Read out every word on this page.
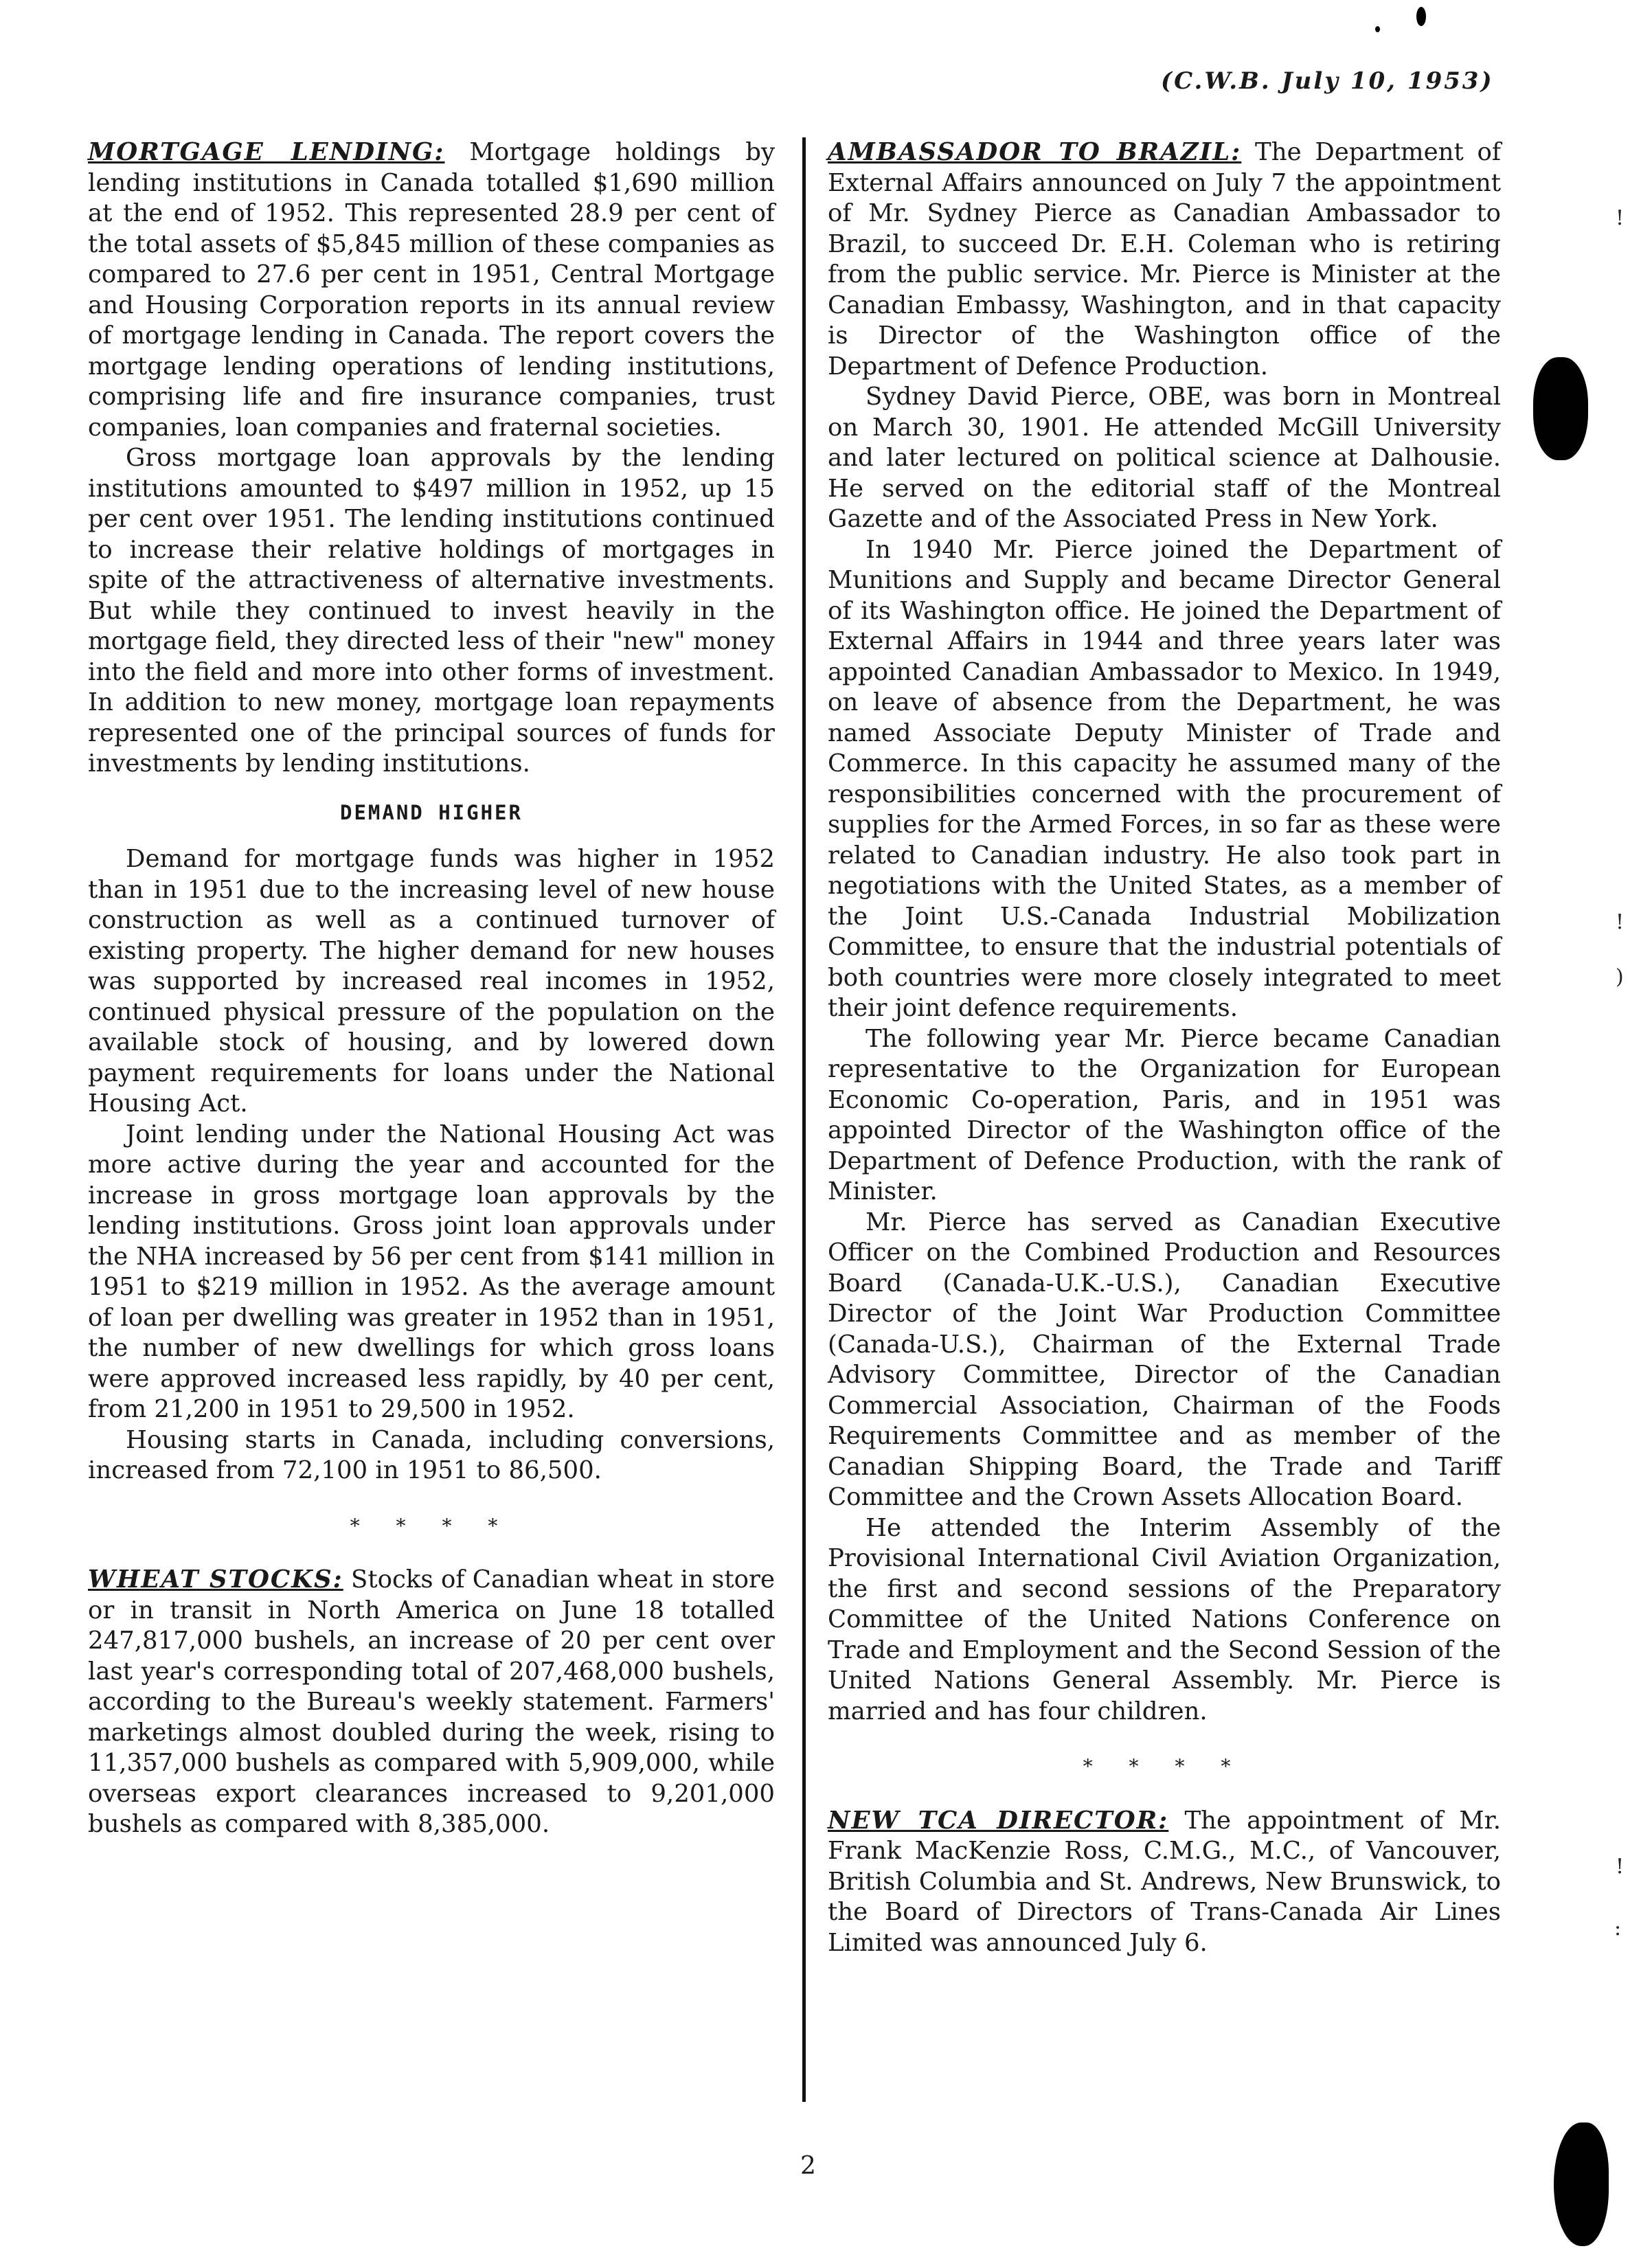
(C.W.B. July 10, 1953)

MORTGAGE LENDING: Mortgage holdings by lending institutions in Canada totalled $1,690 million at the end of 1952. This represented 28.9 per cent of the total assets of $5,845 million of these companies as compared to 27.6 per cent in 1951, Central Mortgage and Housing Corporation reports in its annual review of mortgage lending in Canada. The report covers the mortgage lending operations of lending institutions, comprising life and fire insurance companies, trust companies, loan companies and fraternal societies.

Gross mortgage loan approvals by the lending institutions amounted to $497 million in 1952, up 15 per cent over 1951. The lending institutions continued to increase their relative holdings of mortgages in spite of the attractiveness of alternative investments. But while they continued to invest heavily in the mortgage field, they directed less of their "new" money into the field and more into other forms of investment. In addition to new money, mortgage loan repayments represented one of the principal sources of funds for investments by lending institutions.

DEMAND HIGHER

Demand for mortgage funds was higher in 1952 than in 1951 due to the increasing level of new house construction as well as a continued turnover of existing property. The higher demand for new houses was supported by increased real incomes in 1952, continued physical pressure of the population on the available stock of housing, and by lowered down payment requirements for loans under the National Housing Act.

Joint lending under the National Housing Act was more active during the year and accounted for the increase in gross mortgage loan approvals by the lending institutions. Gross joint loan approvals under the NHA increased by 56 per cent from $141 million in 1951 to $219 million in 1952. As the average amount of loan per dwelling was greater in 1952 than in 1951, the number of new dwellings for which gross loans were approved increased less rapidly, by 40 per cent, from 21,200 in 1951 to 29,500 in 1952.

Housing starts in Canada, including conversions, increased from 72,100 in 1951 to 86,500.

* * * *

WHEAT STOCKS: Stocks of Canadian wheat in store or in transit in North America on June 18 totalled 247,817,000 bushels, an increase of 20 per cent over last year's corresponding total of 207,468,000 bushels, according to the Bureau's weekly statement. Farmers' marketings almost doubled during the week, rising to 11,357,000 bushels as compared with 5,909,000, while overseas export clearances increased to 9,201,000 bushels as compared with 8,385,000.

AMBASSADOR TO BRAZIL: The Department of External Affairs announced on July 7 the appointment of Mr. Sydney Pierce as Canadian Ambassador to Brazil, to succeed Dr. E.H. Coleman who is retiring from the public service. Mr. Pierce is Minister at the Canadian Embassy, Washington, and in that capacity is Director of the Washington office of the Department of Defence Production.

Sydney David Pierce, OBE, was born in Montreal on March 30, 1901. He attended McGill University and later lectured on political science at Dalhousie. He served on the editorial staff of the Montreal Gazette and of the Associated Press in New York.

In 1940 Mr. Pierce joined the Department of Munitions and Supply and became Director General of its Washington office. He joined the Department of External Affairs in 1944 and three years later was appointed Canadian Ambassador to Mexico. In 1949, on leave of absence from the Department, he was named Associate Deputy Minister of Trade and Commerce. In this capacity he assumed many of the responsibilities concerned with the procurement of supplies for the Armed Forces, in so far as these were related to Canadian industry. He also took part in negotiations with the United States, as a member of the Joint U.S.-Canada Industrial Mobilization Committee, to ensure that the industrial potentials of both countries were more closely integrated to meet their joint defence requirements.

The following year Mr. Pierce became Canadian representative to the Organization for European Economic Co-operation, Paris, and in 1951 was appointed Director of the Washington office of the Department of Defence Production, with the rank of Minister.

Mr. Pierce has served as Canadian Executive Officer on the Combined Production and Resources Board (Canada-U.K.-U.S.), Canadian Executive Director of the Joint War Production Committee (Canada-U.S.), Chairman of the External Trade Advisory Committee, Director of the Canadian Commercial Association, Chairman of the Foods Requirements Committee and as member of the Canadian Shipping Board, the Trade and Tariff Committee and the Crown Assets Allocation Board.

He attended the Interim Assembly of the Provisional International Civil Aviation Organization, the first and second sessions of the Preparatory Committee of the United Nations Conference on Trade and Employment and the Second Session of the United Nations General Assembly. Mr. Pierce is married and has four children.

* * * *

NEW TCA DIRECTOR: The appointment of Mr. Frank MacKenzie Ross, C.M.G., M.C., of Vancouver, British Columbia and St. Andrews, New Brunswick, to the Board of Directors of Trans-Canada Air Lines Limited was announced July 6.

2
!
!
)
!
:
